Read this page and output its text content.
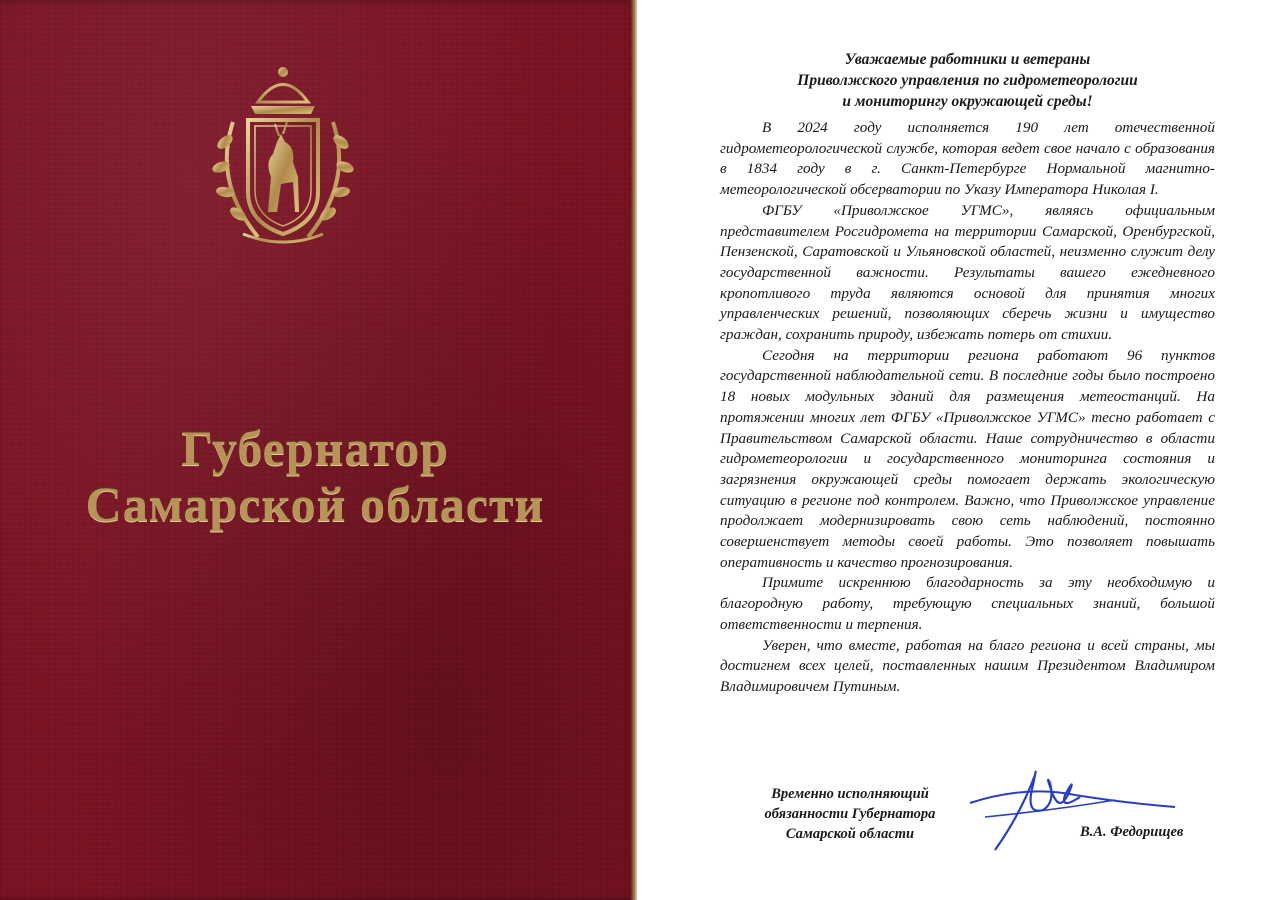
Губернатор
Самарской области
Уважаемые работники и ветераны
Приволжского управления по гидрометеорологии
и мониторингу окружающей среды!

В 2024 году исполняется 190 лет отечественной гидрометеорологической службе, которая ведет свое начало с образования в 1834 году в г. Санкт-Петербурге Нормальной магнитно-метеорологической обсерватории по Указу Императора Николая I.

ФГБУ «Приволжское УГМС», являясь официальным представителем Росгидромета на территории Самарской, Оренбургской, Пензенской, Саратовской и Ульяновской областей, неизменно служит делу государственной важности. Результаты вашего ежедневного кропотливого труда являются основой для принятия многих управленческих решений, позволяющих сберечь жизни и имущество граждан, сохранить природу, избежать потерь от стихии.

Сегодня на территории региона работают 96 пунктов государственной наблюдательной сети. В последние годы было построено 18 новых модульных зданий для размещения метеостанций. На протяжении многих лет ФГБУ «Приволжское УГМС» тесно работает с Правительством Самарской области. Наше сотрудничество в области гидрометеорологии и государственного мониторинга состояния и загрязнения окружающей среды помогает держать экологическую ситуацию в регионе под контролем. Важно, что Приволжское управление продолжает модернизировать свою сеть наблюдений, постоянно совершенствует методы своей работы. Это позволяет повышать оперативность и качество прогнозирования.

Примите искреннюю благодарность за эту необходимую и благородную работу, требующую специальных знаний, большой ответственности и терпения.

Уверен, что вместе, работая на благо региона и всей страны, мы достигнем всех целей, поставленных нашим Президентом Владимиром Владимировичем Путиным.

Временно исполняющий
обязанности Губернатора
Самарской области	В.А. Федорищев
